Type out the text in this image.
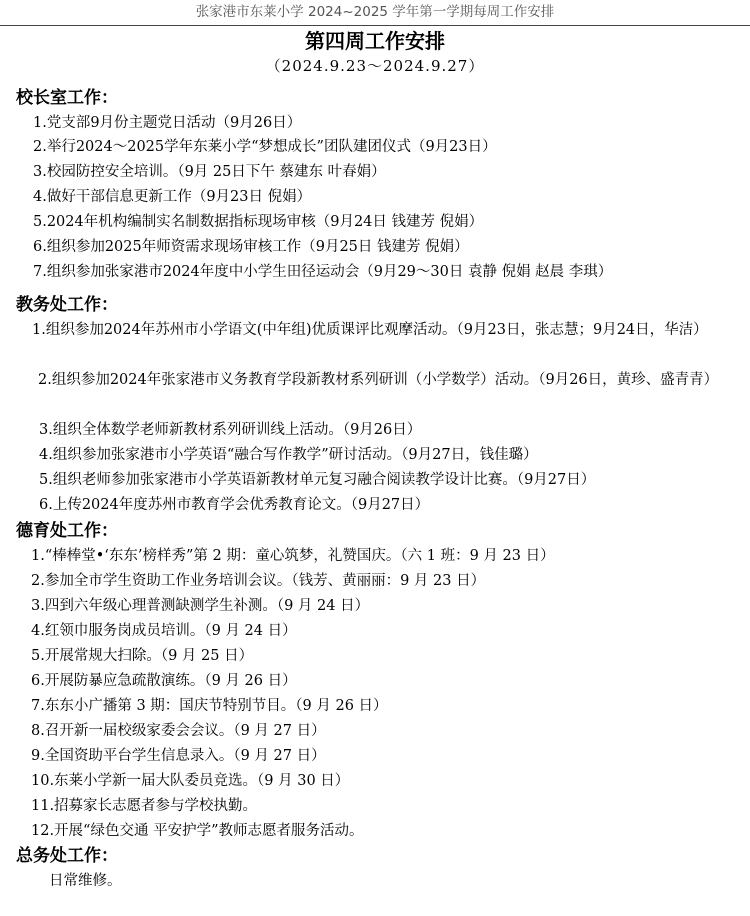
张家港市东莱小学 2024~2025 学年第一学期每周工作安排
第四周工作安排
（2024.9.23～2024.9.27）
校长室工作：
1.党支部9月份主题党日活动（9月26日）
2.举行2024～2025学年东莱小学“梦想成长”团队建团仪式（9月23日）
3.校园防控安全培训。（9月 25日下午 蔡建东 叶春娟）
4.做好干部信息更新工作（9月23日 倪娟）
5.2024年机构编制实名制数据指标现场审核（9月24日 钱建芳 倪娟）
6.组织参加2025年师资需求现场审核工作（9月25日 钱建芳 倪娟）
7.组织参加张家港市2024年度中小学生田径运动会（9月29～30日 袁静 倪娟 赵晨 李琪）
教务处工作：
1.组织参加2024年苏州市小学语文(中年组)优质课评比观摩活动。（9月23日，张志慧；9月24日，华洁）
2.组织参加2024年张家港市义务教育学段新教材系列研训（小学数学）活动。（9月26日，黄珍、盛青青）
3.组织全体数学老师新教材系列研训线上活动。（9月26日）
4.组织参加张家港市小学英语“融合写作教学”研讨活动。（9月27日，钱佳璐）
5.组织老师参加张家港市小学英语新教材单元复习融合阅读教学设计比赛。（9月27日）
6.上传2024年度苏州市教育学会优秀教育论文。（9月27日）
德育处工作：
1.“棒棒堂•‘东东’榜样秀”第 2 期：童心筑梦，礼赞国庆。（六 1 班：9 月 23 日）
2.参加全市学生资助工作业务培训会议。（钱芳、黄丽丽：9 月 23 日）
3.四到六年级心理普测缺测学生补测。（9 月 24 日）
4.红领巾服务岗成员培训。（9 月 24 日）
5.开展常规大扫除。（9 月 25 日）
6.开展防暴应急疏散演练。（9 月 26 日）
7.东东小广播第 3 期：国庆节特别节目。（9 月 26 日）
8.召开新一届校级家委会会议。（9 月 27 日）
9.全国资助平台学生信息录入。（9 月 27 日）
10.东莱小学新一届大队委员竞选。（9 月 30 日）
11.招募家长志愿者参与学校执勤。
12.开展“绿色交通 平安护学”教师志愿者服务活动。
总务处工作：
日常维修。
